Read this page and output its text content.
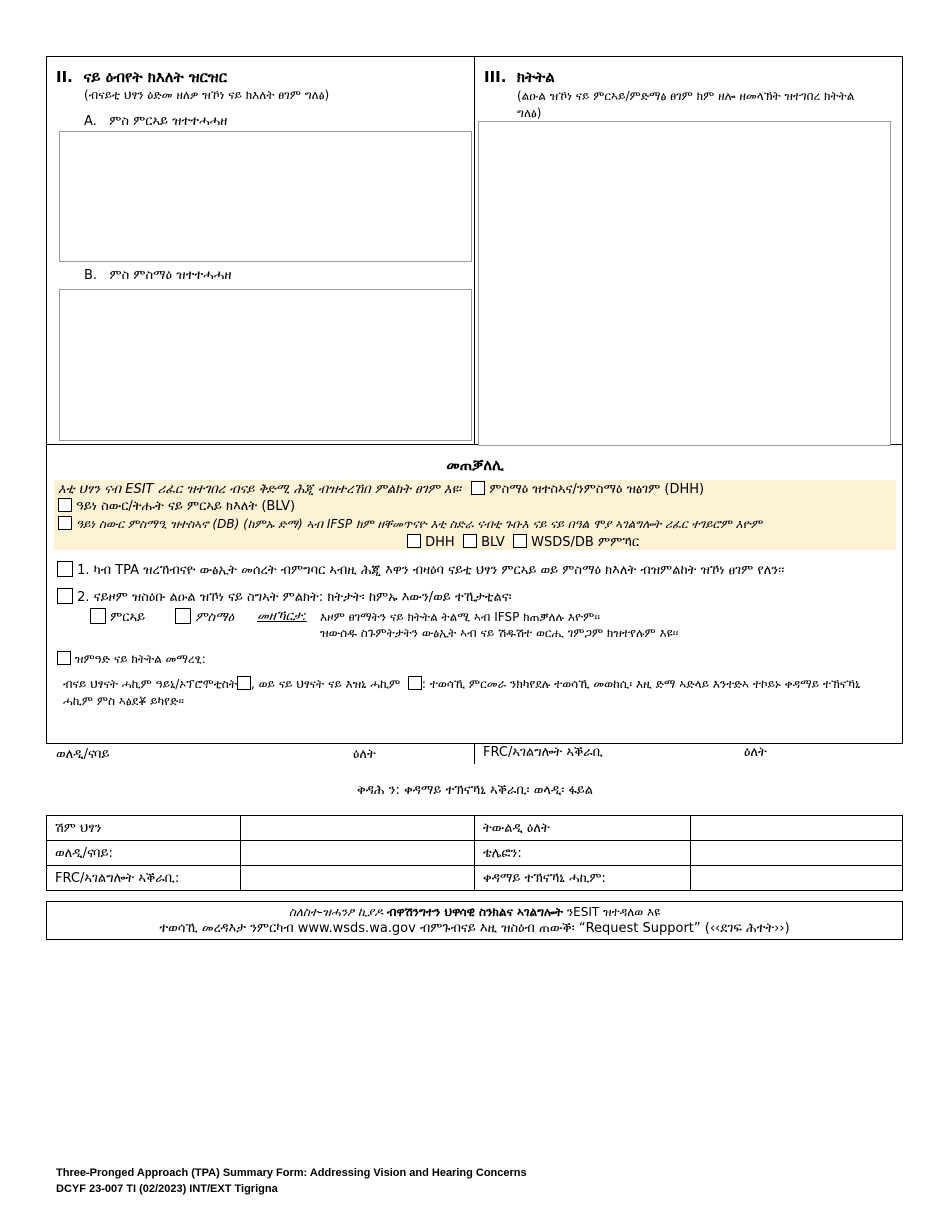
II. ናይ ዕብየት ክእለት ዝርዝር
(ብናይቲ ህፃን ዕድመ ዘለዎ ዝኾነ ናይ ክእለት ፀገም ግለፅ)
A. ምስ ምርኣይ ዝተተሓሓዘ
B. ምስ ምስማዕ ዝተተሓሓዘ
III. ክትትል
(ልዑል ዝኾነ ናይ ምርኣይ/ምድማፅ ፀገም ክም ዘሎ ዘመላኽት ዝተገበረ ክትትል ግለፅ)
መጠቓለሊ
እቲ ህፃን ናብ ESIT ሪፈር ዝተገበረ ብናይ ቅድሚ ሕጂ ብዝተረኸበ ምልክት ፀገም እዩ፡ ምስማዕ ዝተስኣና/ንምስማዕ ዝፅገም (DHH)
ዓይነ ስውር/ትሑት ናይ ምርኣይ ክእለት (BLV)
ዓይነ ስውር ምስማዒ ዝተስኣኖ (DB) (ከምኡ ድማ) ኣብ IFSP ክም ዘቐመጥናዮ እቲ ስድራ ናብቲ ጉቡእ ናይ ናይ በዓል ሞያ ኣገልግሎት ሪፈር ተገይሮም እዮም
DHH BLV WSDS/DB ምምኻር
1. ካብ TPA ዝረኸብናዮ ውፅኢት መሰረት ብምግባር ኣብዚ ሕጂ እዋን ብዛዕባ ናይቲ ህፃን ምርኣይ ወይ ምስማዕ ክእለት ብዝምልከት ዝኾነ ፀገም የለን፡፡
2. ናይዞም ዝስዕቡ ልዑል ዝኾነ ናይ ስግኣት ምልክት: ክትታት፡ ከምኡ እውን/ወይ ተኺታቲልና፡
ምርኣይ	ምስማዕ መዘኻርታ: እዞም ፀገማትን ናይ ክትትል ትልሚ ኣብ IFSP ክጠቓለሉ እዮም፡፡
ዝውሰዱ ስጉምትታትን ውፅኢት ኣብ ናይ ሽዱሽተ ወርሒ ገምጋም ክዝተየሉም እዩ፡፡
ዝምዓድ ናይ ክትትል መማረፂ:
ብናይ ህፃናት ሓኪም ዓይኒ/ኦፕሮሞቲስት , ወይ ናይ ህፃናት ናይ እዝኒ ሓኪም : ተወሳኺ ምርመራ ንክካየደሉ ተወሳኺ መወከሲ፡ እዚ ድማ ኣድላይ እንተድኣ ተኮይኑ ቀዳማይ ተኽናኻኒ ሓኪም ምስ ኣፅደቖ ይካየድ፡፡
ወለዲ/ናባይ	ዕለት	FRC/ኣገልግሎት ኣቕራቢ	ዕለት
ቅዳሕ ን: ቀዳማይ ተኽናኻኒ ኣቕራቢ፡ ወላዲ፡ ፋይል
ሽም ህፃን		ትውልዲ ዕለት	
ወለዲ/ናባይ:		ቴሌፎን:	
FRC/ኣገልግሎት ኣቕራቢ:		ቀዳማይ ተኽናኻኒ ሓኪም:	
ስለስተ-ዝሓንፆ ኪያዶ ብዋሽንግተን ህዋሳዊ ስንክልና ኣገልግሎት ንESIT ዝተዳለወ እዩ
ተወሳኺ መረዳእታ ንምርካብ www.wsds.wa.gov ብምጉብናይ እዚ ዝስዕብ ጠውቕ፡ “Request Support” (‹‹ደገፍ ሕተት››)
Three-Pronged Approach (TPA) Summary Form: Addressing Vision and Hearing Concerns
DCYF 23-007 TI (02/2023) INT/EXT Tigrigna
